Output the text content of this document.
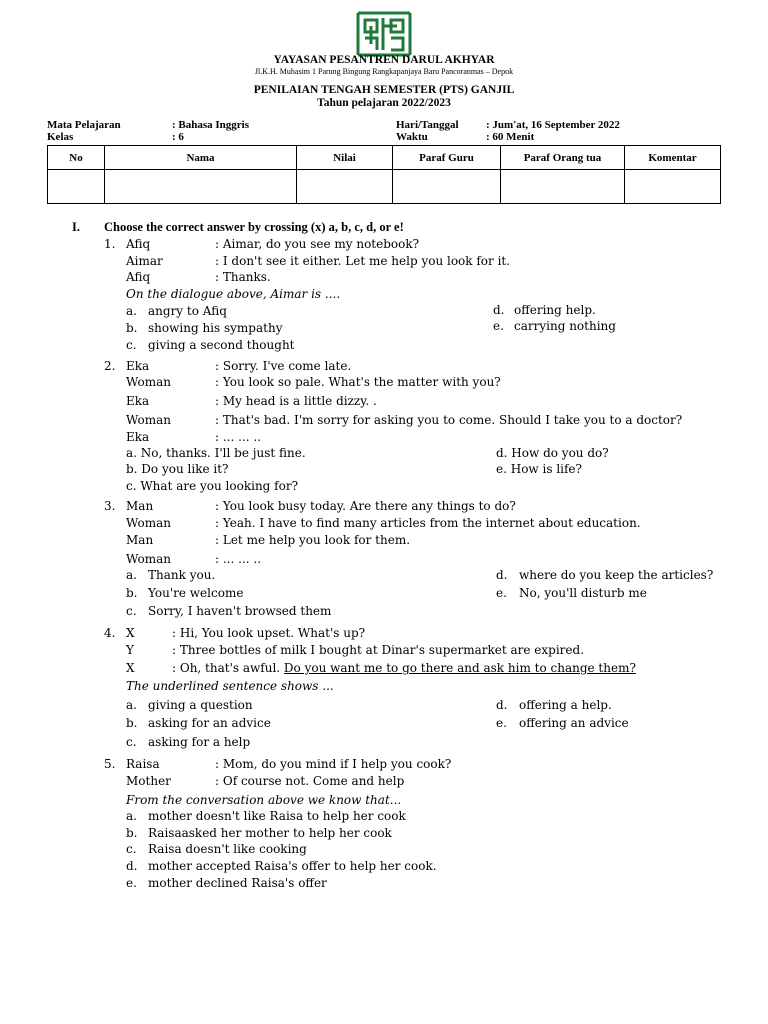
YAYASAN PESANTREN DARUL AKHYAR
Jl.K.H. Muhasim 1 Parung Bingung Rangkapanjaya Baru Pancoranmas – Depok
PENILAIAN TENGAH SEMESTER (PTS) GANJIL
Tahun pelajaran 2022/2023
Mata Pelajaran	: Bahasa Inggris
Kelas	: 6
Hari/Tanggal : Jum'at, 16 September 2022
Waktu	: 60 Menit
No	Nama	Nilai	Paraf Guru	Paraf Orang tua	Komentar

I. Choose the correct answer by crossing (x) a, b, c, d, or e!
1. Afiq	: Aimar, do you see my notebook?
Aimar	: I don't see it either. Let me help you look for it.
Afiq	: Thanks.
On the dialogue above, Aimar is ....
a. angry to Afiq
b. showing his sympathy
c. giving a second thought
d. offering help.
e. carrying nothing
2. Eka	: Sorry. I've come late.
Woman	: You look so pale. What's the matter with you?
Eka	: My head is a little dizzy. .
Woman	: That's bad. I'm sorry for asking you to come. Should I take you to a doctor?
Eka	: ... ... ..
a. No, thanks. I'll be just fine.
b. Do you like it?
c. What are you looking for?
d. How do you do?
e. How is life?
3. Man	: You look busy today. Are there any things to do?
Woman	: Yeah. I have to find many articles from the internet about education.
Man	: Let me help you look for them.
Woman	: ... ... ..
a. Thank you.
b. You're welcome
c. Sorry, I haven't browsed them
d. where do you keep the articles?
e. No, you'll disturb me
4. X	: Hi, You look upset. What's up?
Y	: Three bottles of milk I bought at Dinar's supermarket are expired.
X	: Oh, that's awful. Do you want me to go there and ask him to change them?
The underlined sentence shows ...
a. giving a question
b. asking for an advice
c. asking for a help
d. offering a help.
e. offering an advice
5. Raisa	: Mom, do you mind if I help you cook?
Mother	: Of course not. Come and help
From the conversation above we know that...
a. mother doesn't like Raisa to help her cook
b. Raisaasked her mother to help her cook
c. Raisa doesn't like cooking
d. mother accepted Raisa's offer to help her cook.
e. mother declined Raisa's offer
